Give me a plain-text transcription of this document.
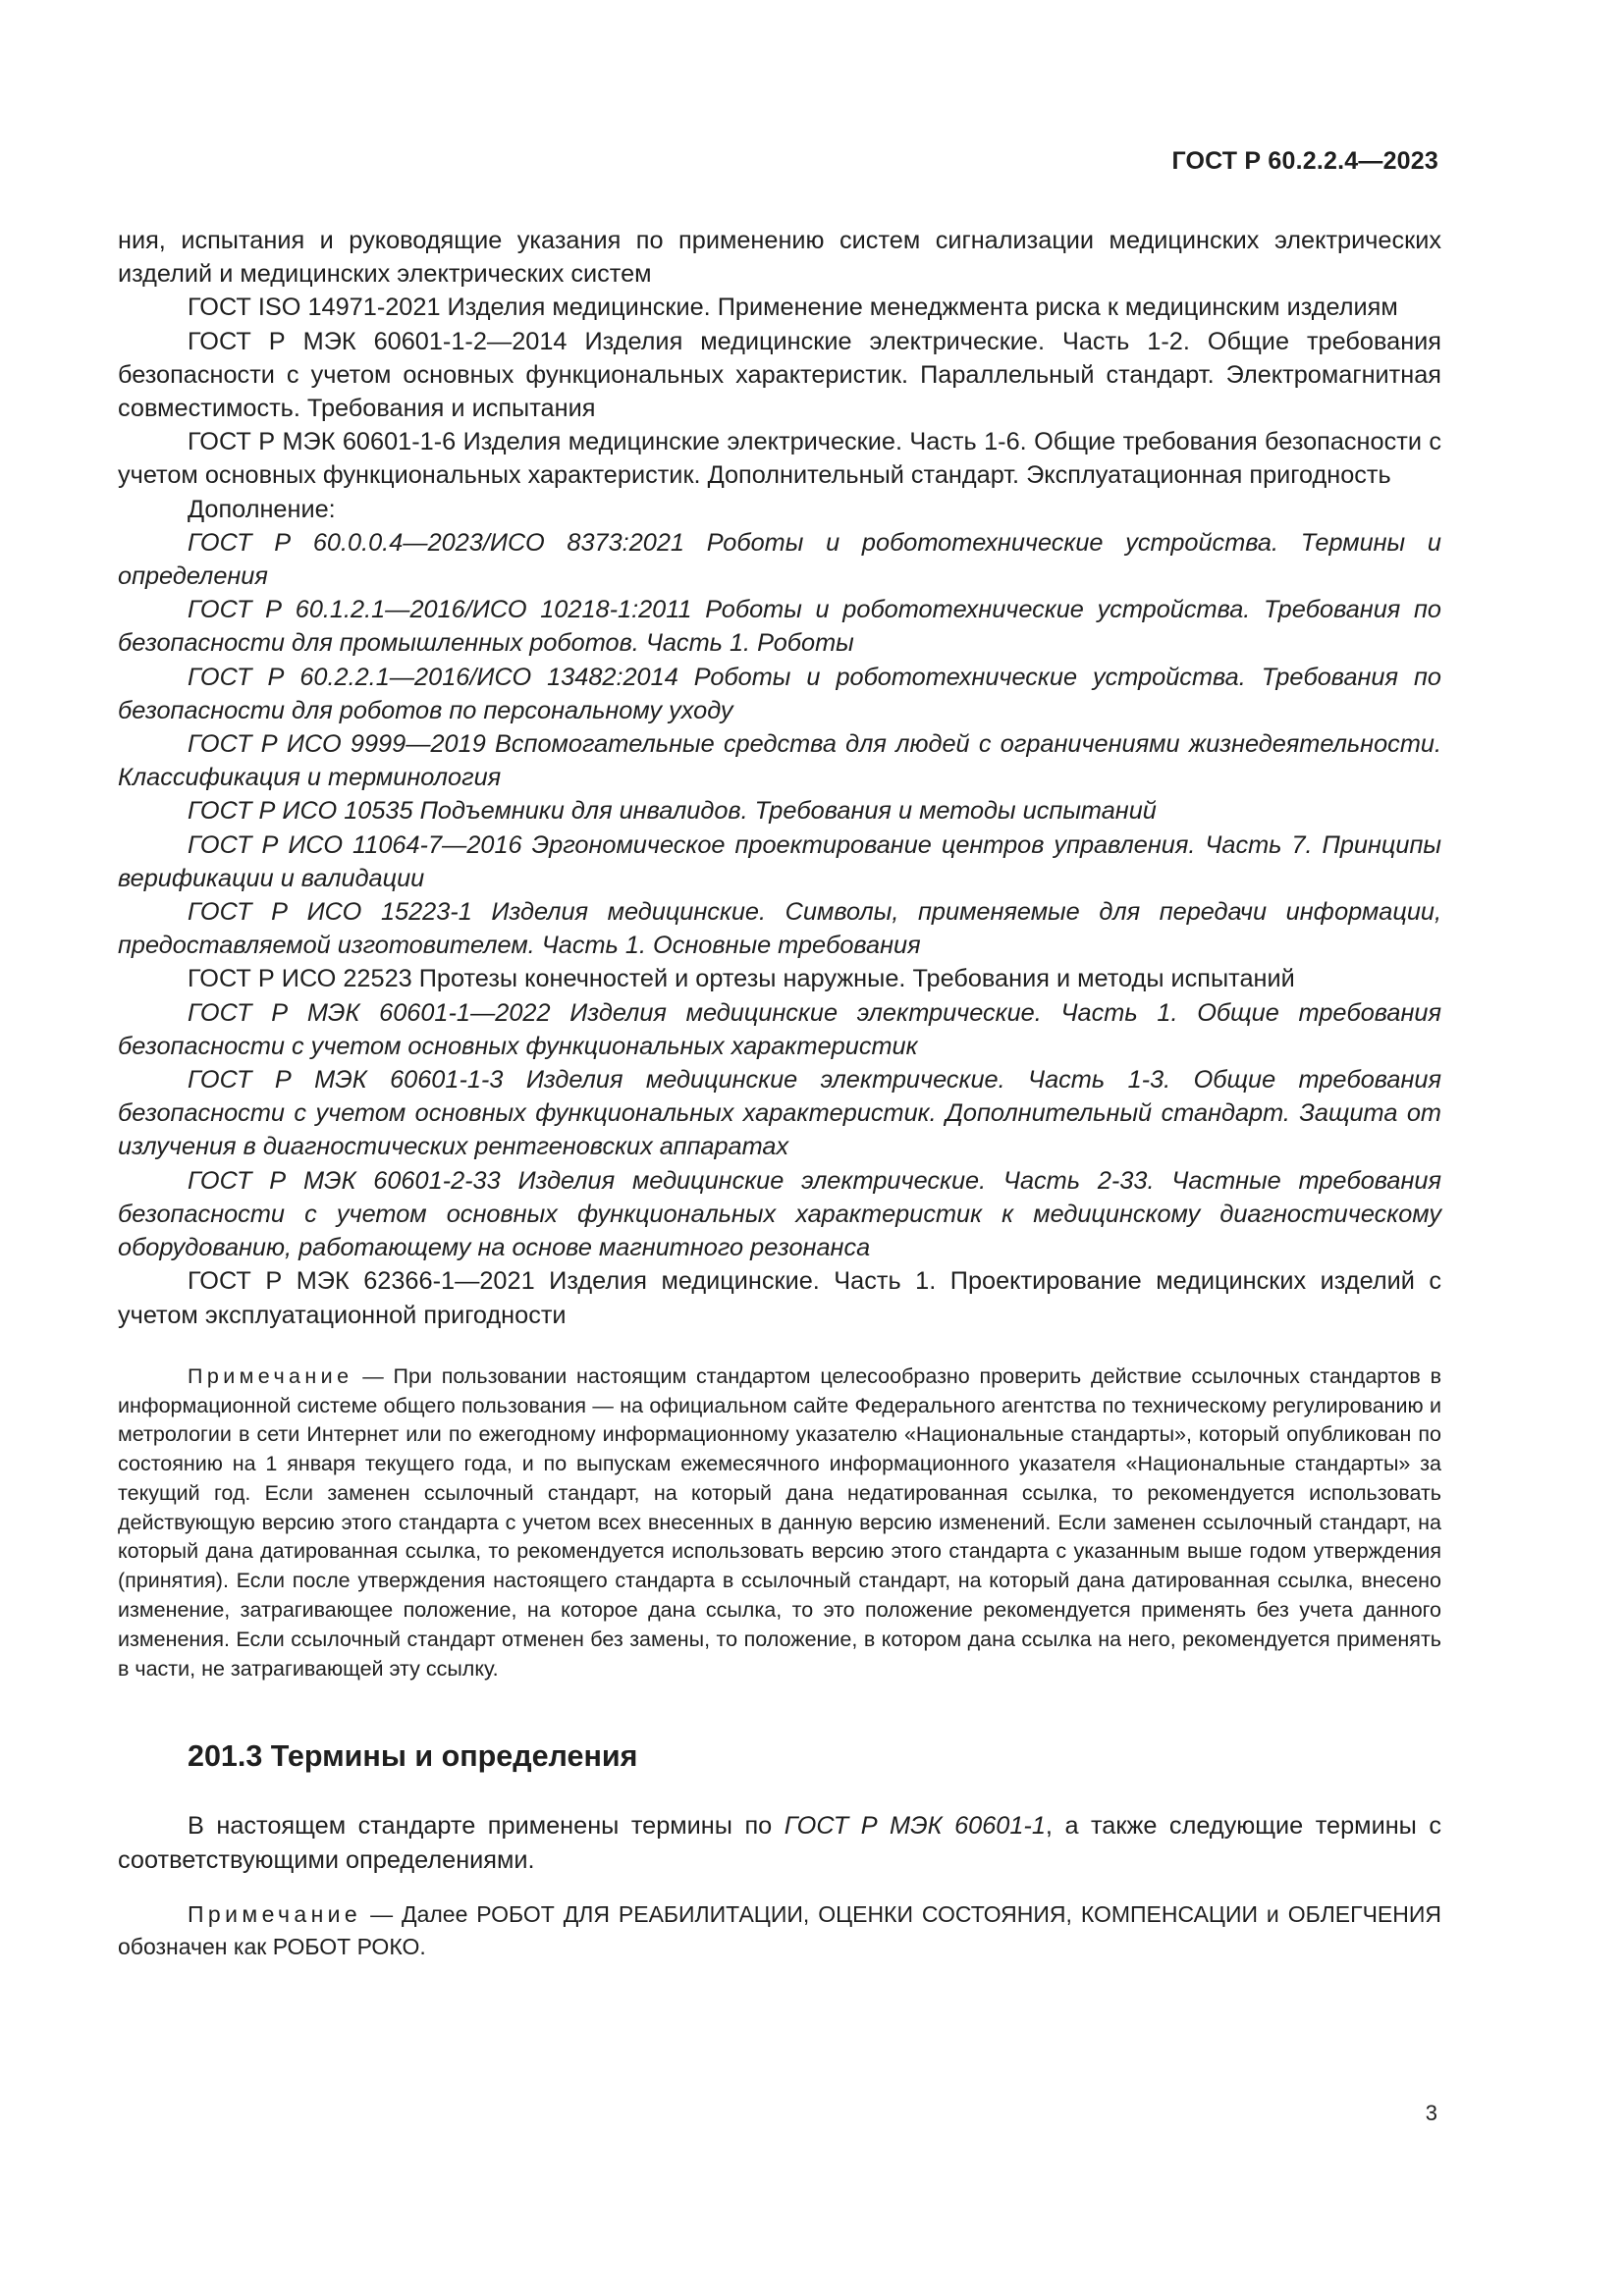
ГОСТ Р 60.2.2.4—2023

ния, испытания и руководящие указания по применению систем сигнализации медицинских электрических изделий и медицинских электрических систем

ГОСТ ISO 14971-2021 Изделия медицинские. Применение менеджмента риска к медицинским изделиям

ГОСТ Р МЭК 60601-1-2—2014 Изделия медицинские электрические. Часть 1-2. Общие требования безопасности с учетом основных функциональных характеристик. Параллельный стандарт. Электромагнитная совместимость. Требования и испытания

ГОСТ Р МЭК 60601-1-6 Изделия медицинские электрические. Часть 1-6. Общие требования безопасности с учетом основных функциональных характеристик. Дополнительный стандарт. Эксплуатационная пригодность

Дополнение:

ГОСТ Р 60.0.0.4—2023/ИСО 8373:2021 Роботы и робототехнические устройства. Термины и определения

ГОСТ Р 60.1.2.1—2016/ИСО 10218-1:2011 Роботы и робототехнические устройства. Требования по безопасности для промышленных роботов. Часть 1. Роботы

ГОСТ Р 60.2.2.1—2016/ИСО 13482:2014 Роботы и робототехнические устройства. Требования по безопасности для роботов по персональному уходу

ГОСТ Р ИСО 9999—2019 Вспомогательные средства для людей с ограничениями жизнедеятельности. Классификация и терминология

ГОСТ Р ИСО 10535 Подъемники для инвалидов. Требования и методы испытаний

ГОСТ Р ИСО 11064-7—2016 Эргономическое проектирование центров управления. Часть 7. Принципы верификации и валидации

ГОСТ Р ИСО 15223-1 Изделия медицинские. Символы, применяемые для передачи информации, предоставляемой изготовителем. Часть 1. Основные требования

ГОСТ Р ИСО 22523 Протезы конечностей и ортезы наружные. Требования и методы испытаний

ГОСТ Р МЭК 60601-1—2022 Изделия медицинские электрические. Часть 1. Общие требования безопасности с учетом основных функциональных характеристик

ГОСТ Р МЭК 60601-1-3 Изделия медицинские электрические. Часть 1-3. Общие требования безопасности с учетом основных функциональных характеристик. Дополнительный стандарт. Защита от излучения в диагностических рентгеновских аппаратах

ГОСТ Р МЭК 60601-2-33 Изделия медицинские электрические. Часть 2-33. Частные требования безопасности с учетом основных функциональных характеристик к медицинскому диагностическому оборудованию, работающему на основе магнитного резонанса

ГОСТ Р МЭК 62366-1—2021 Изделия медицинские. Часть 1. Проектирование медицинских изделий с учетом эксплуатационной пригодности

Примечание — При пользовании настоящим стандартом целесообразно проверить действие ссылочных стандартов в информационной системе общего пользования — на официальном сайте Федерального агентства по техническому регулированию и метрологии в сети Интернет или по ежегодному информационному указателю «Национальные стандарты», который опубликован по состоянию на 1 января текущего года, и по выпускам ежемесячного информационного указателя «Национальные стандарты» за текущий год. Если заменен ссылочный стандарт, на который дана недатированная ссылка, то рекомендуется использовать действующую версию этого стандарта с учетом всех внесенных в данную версию изменений. Если заменен ссылочный стандарт, на который дана датированная ссылка, то рекомендуется использовать версию этого стандарта с указанным выше годом утверждения (принятия). Если после утверждения настоящего стандарта в ссылочный стандарт, на который дана датированная ссылка, внесено изменение, затрагивающее положение, на которое дана ссылка, то это положение рекомендуется применять без учета данного изменения. Если ссылочный стандарт отменен без замены, то положение, в котором дана ссылка на него, рекомендуется применять в части, не затрагивающей эту ссылку.

201.3 Термины и определения

В настоящем стандарте применены термины по ГОСТ Р МЭК 60601-1, а также следующие термины с соответствующими определениями.

Примечание — Далее РОБОТ ДЛЯ РЕАБИЛИТАЦИИ, ОЦЕНКИ СОСТОЯНИЯ, КОМПЕНСАЦИИ и ОБЛЕГЧЕНИЯ обозначен как РОБОТ РОКО.

3
